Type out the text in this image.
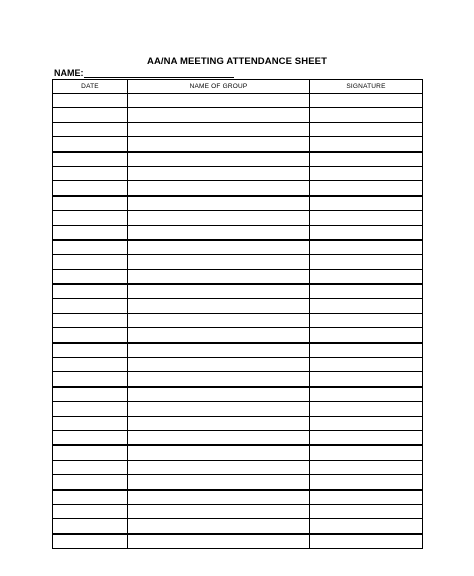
AA/NA MEETING ATTENDANCE SHEET
NAME:
DATE	NAME OF GROUP	SIGNATURE
